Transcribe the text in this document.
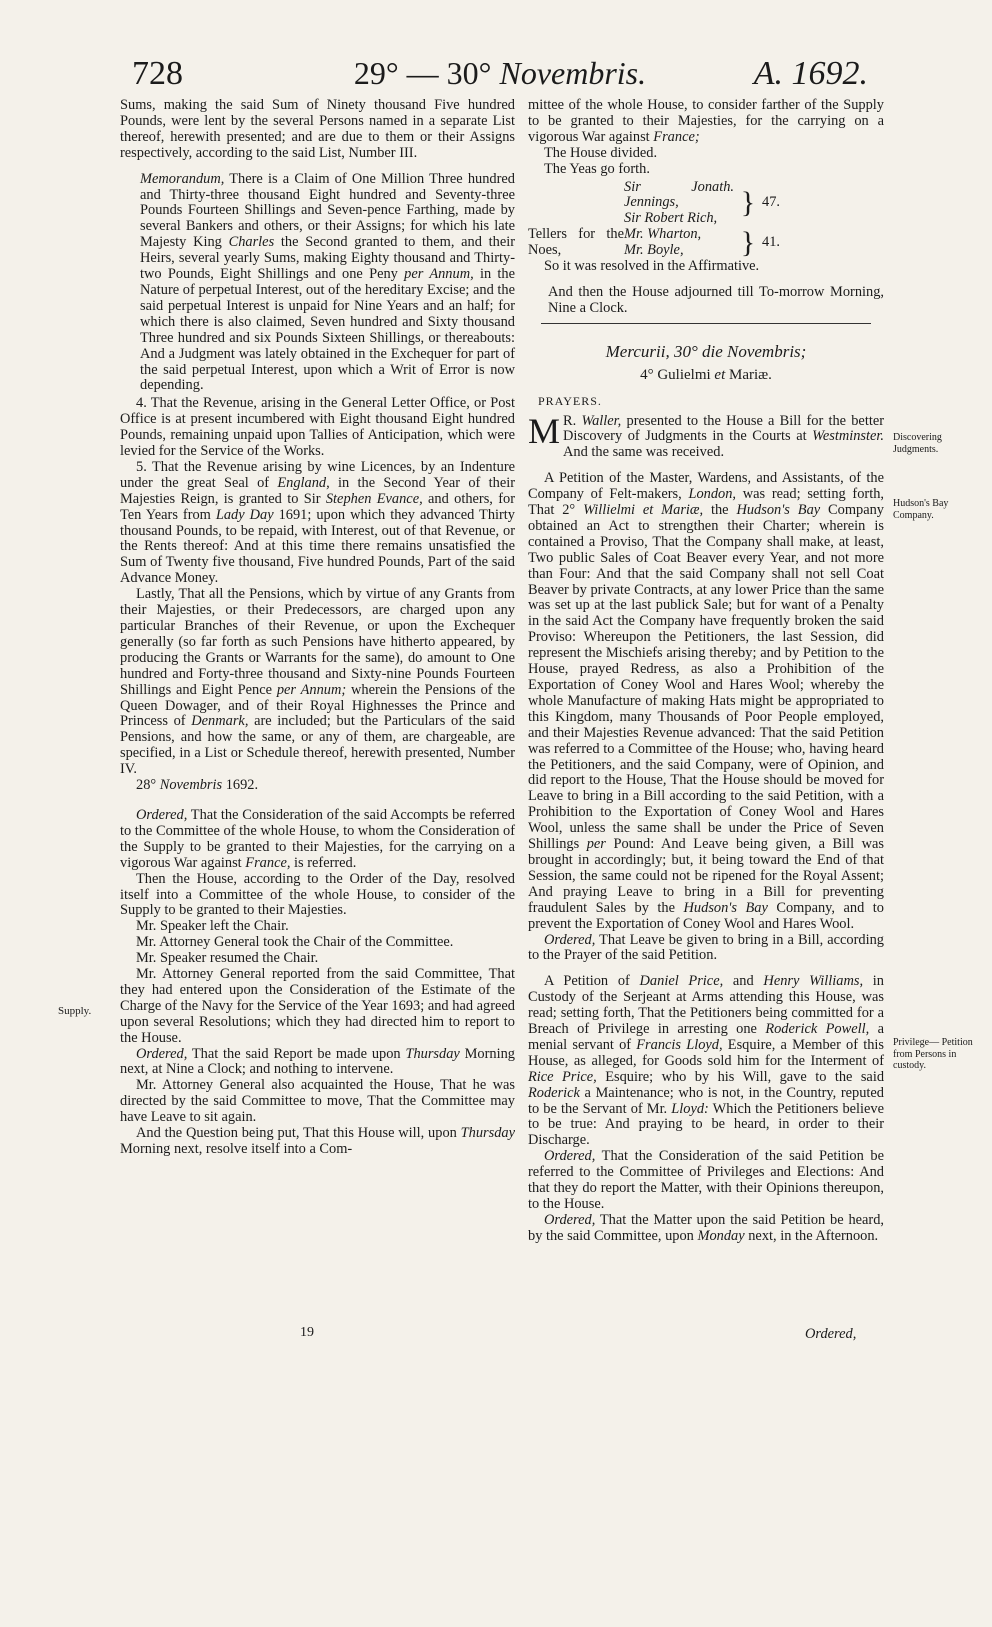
728	29° — 30° Novembris.	A. 1692.

Sums, making the said Sum of Ninety thousand Five hundred Pounds, were lent by the several Persons named in a separate List thereof, herewith presented; and are due to them or their Assigns respectively, according to the said List, Number III.

Memorandum, There is a Claim of One Million Three hundred and Thirty-three thousand Eight hundred and Seventy-three Pounds Fourteen Shillings and Seven-pence Farthing, made by several Bankers and others, or their Assigns; for which his late Majesty King Charles the Second granted to them, and their Heirs, several yearly Sums, making Eighty thousand and Thirty-two Pounds, Eight Shillings and one Peny per Annum, in the Nature of perpetual Interest, out of the hereditary Excise; and the said perpetual Interest is unpaid for Nine Years and an half; for which there is also claimed, Seven hundred and Sixty thousand Three hundred and six Pounds Sixteen Shillings, or thereabouts: And a Judgment was lately obtained in the Exchequer for part of the said perpetual Interest, upon which a Writ of Error is now depending.

4. That the Revenue, arising in the General Letter Office, or Post Office is at present incumbered with Eight thousand Eight hundred Pounds, remaining unpaid upon Tallies of Anticipation, which were levied for the Service of the Works.

5. That the Revenue arising by wine Licences, by an Indenture under the great Seal of England, in the Second Year of their Majesties Reign, is granted to Sir Stephen Evance, and others, for Ten Years from Lady Day 1691; upon which they advanced Thirty thousand Pounds, to be repaid, with Interest, out of that Revenue, or the Rents thereof: And at this time there remains unsatisfied the Sum of Twenty five thousand, Five hundred Pounds, Part of the said Advance Money.

Lastly, That all the Pensions, which by virtue of any Grants from their Majesties, or their Predecessors, are charged upon any particular Branches of their Revenue, or upon the Exchequer generally (so far forth as such Pensions have hitherto appeared, by producing the Grants or Warrants for the same), do amount to One hundred and Forty-three thousand and Sixty-nine Pounds Fourteen Shillings and Eight Pence per Annum; wherein the Pensions of the Queen Dowager, and of their Royal Highnesses the Prince and Princess of Denmark, are included; but the Particulars of the said Pensions, and how the same, or any of them, are chargeable, are specified, in a List or Schedule thereof, herewith presented, Number IV.

28° Novembris 1692.

Ordered, That the Consideration of the said Accompts be referred to the Committee of the whole House, to whom the Consideration of the Supply to be granted to their Majesties, for the carrying on a vigorous War against France, is referred.

Then the House, according to the Order of the Day, resolved itself into a Committee of the whole House, to consider of the Supply to be granted to their Majesties.

Mr. Speaker left the Chair.

Mr. Attorney General took the Chair of the Committee.

Mr. Speaker resumed the Chair.

Mr. Attorney General reported from the said Committee, That they had entered upon the Consideration of the Estimate of the Charge of the Navy for the Service of the Year 1693; and had agreed upon several Resolutions; which they had directed him to report to the House.

Ordered, That the said Report be made upon Thursday Morning next, at Nine a Clock; and nothing to intervene.

Mr. Attorney General also acquainted the House, That he was directed by the said Committee to move, That the Committee may have Leave to sit again.

And the Question being put, That this House will, upon Thursday Morning next, resolve itself into a Com-

mittee of the whole House, to consider farther of the Supply to be granted to their Majesties, for the carrying on a vigorous War against France;

The House divided.

The Yeas go forth.

Sir Jonath. Jennings,
Sir Robert Rich, } 47.
Tellers for the Noes,
Mr. Wharton,
Mr. Boyle,	} 41.

So it was resolved in the Affirmative.

And then the House adjourned till To-morrow Morning, Nine a Clock.

Mercurii, 30° die Novembris;
4° Gulielmi et Mariæ.
PRAYERS.

M R. Waller, presented to the House a Bill for the better Discovery of Judgments in the Courts at Westminster. And the same was received.

A Petition of the Master, Wardens, and Assistants, of the Company of Felt-makers, London, was read; setting forth, That 2° Willielmi et Mariæ, the Hudson's Bay Company obtained an Act to strengthen their Charter; wherein is contained a Proviso, That the Company shall make, at least, Two public Sales of Coat Beaver every Year, and not more than Four: And that the said Company shall not sell Coat Beaver by private Contracts, at any lower Price than the same was set up at the last publick Sale; but for want of a Penalty in the said Act the Company have frequently broken the said Proviso: Whereupon the Petitioners, the last Session, did represent the Mischiefs arising thereby; and by Petition to the House, prayed Redress, as also a Prohibition of the Exportation of Coney Wool and Hares Wool; whereby the whole Manufacture of making Hats might be appropriated to this Kingdom, many Thousands of Poor People employed, and their Majesties Revenue advanced: That the said Petition was referred to a Committee of the House; who, having heard the Petitioners, and the said Company, were of Opinion, and did report to the House, That the House should be moved for Leave to bring in a Bill according to the said Petition, with a Prohibition to the Exportation of Coney Wool and Hares Wool, unless the same shall be under the Price of Seven Shillings per Pound: And Leave being given, a Bill was brought in accordingly; but, it being toward the End of that Session, the same could not be ripened for the Royal Assent; And praying Leave to bring in a Bill for preventing fraudulent Sales by the Hudson's Bay Company, and to prevent the Exportation of Coney Wool and Hares Wool.

Ordered, That Leave be given to bring in a Bill, according to the Prayer of the said Petition.

A Petition of Daniel Price, and Henry Williams, in Custody of the Serjeant at Arms attending this House, was read; setting forth, That the Petitioners being committed for a Breach of Privilege in arresting one Roderick Powell, a menial servant of Francis Lloyd, Esquire, a Member of this House, as alleged, for Goods sold him for the Interment of Rice Price, Esquire; who by his Will, gave to the said Roderick a Maintenance; who is not, in the Country, reputed to be the Servant of Mr. Lloyd: Which the Petitioners believe to be true: And praying to be heard, in order to their Discharge.

Ordered, That the Consideration of the said Petition be referred to the Committee of Privileges and Elections: And that they do report the Matter, with their Opinions thereupon, to the House.

Ordered, That the Matter upon the said Petition be heard, by the said Committee, upon Monday next, in the Afternoon.

Supply.
Discovering Judgments.
Hudson's Bay Company.
Privilege— Petition from Persons in custody.
19	Ordered,
